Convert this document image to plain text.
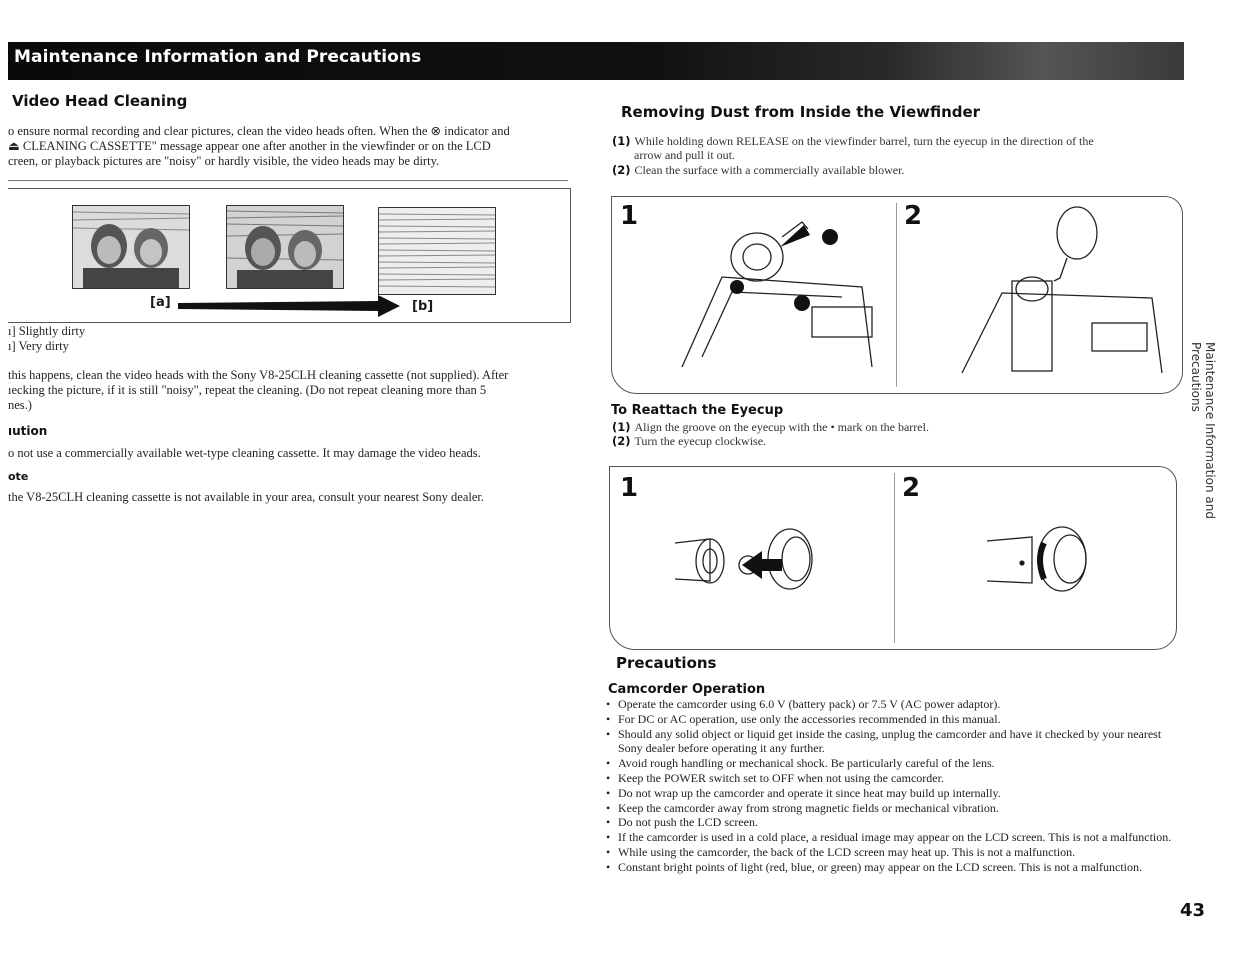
Maintenance Information and Precautions
Video Head Cleaning
o ensure normal recording and clear pictures, clean the video heads often. When the ⊗ indicator and
⏏ CLEANING CASSETTE" message appear one after another in the viewfinder or on the LCD
creen, or playback pictures are "noisy" or hardly visible, the video heads may be dirty.
[a]	[b]
ı] Slightly dirty
ı] Very dirty
this happens, clean the video heads with the Sony V8-25CLH cleaning cassette (not supplied). After
ıecking the picture, if it is still "noisy", repeat the cleaning. (Do not repeat cleaning more than 5
nes.)
ıution
o not use a commercially available wet-type cleaning cassette. It may damage the video heads.
ote
the V8-25CLH cleaning cassette is not available in your area, consult your nearest Sony dealer.
Removing Dust from Inside the Viewfinder
(1) While holding down RELEASE on the viewfinder barrel, turn the eyecup in the direction of the
arrow and pull it out.
(2) Clean the surface with a commercially available blower.
1	2
To Reattach the Eyecup
(1) Align the groove on the eyecup with the • mark on the barrel.
(2) Turn the eyecup clockwise.
1	2
Precautions
Camcorder Operation
• Operate the camcorder using 6.0 V (battery pack) or 7.5 V (AC power adaptor).
• For DC or AC operation, use only the accessories recommended in this manual.
• Should any solid object or liquid get inside the casing, unplug the camcorder and have it checked by your nearest Sony dealer before operating it any further.
• Avoid rough handling or mechanical shock. Be particularly careful of the lens.
• Keep the POWER switch set to OFF when not using the camcorder.
• Do not wrap up the camcorder and operate it since heat may build up internally.
• Keep the camcorder away from strong magnetic fields or mechanical vibration.
• Do not push the LCD screen.
• If the camcorder is used in a cold place, a residual image may appear on the LCD screen. This is not a malfunction.
• While using the camcorder, the back of the LCD screen may heat up. This is not a malfunction.
• Constant bright points of light (red, blue, or green) may appear on the LCD screen. This is not a malfunction.
Maintenance Information and Precautions
43
